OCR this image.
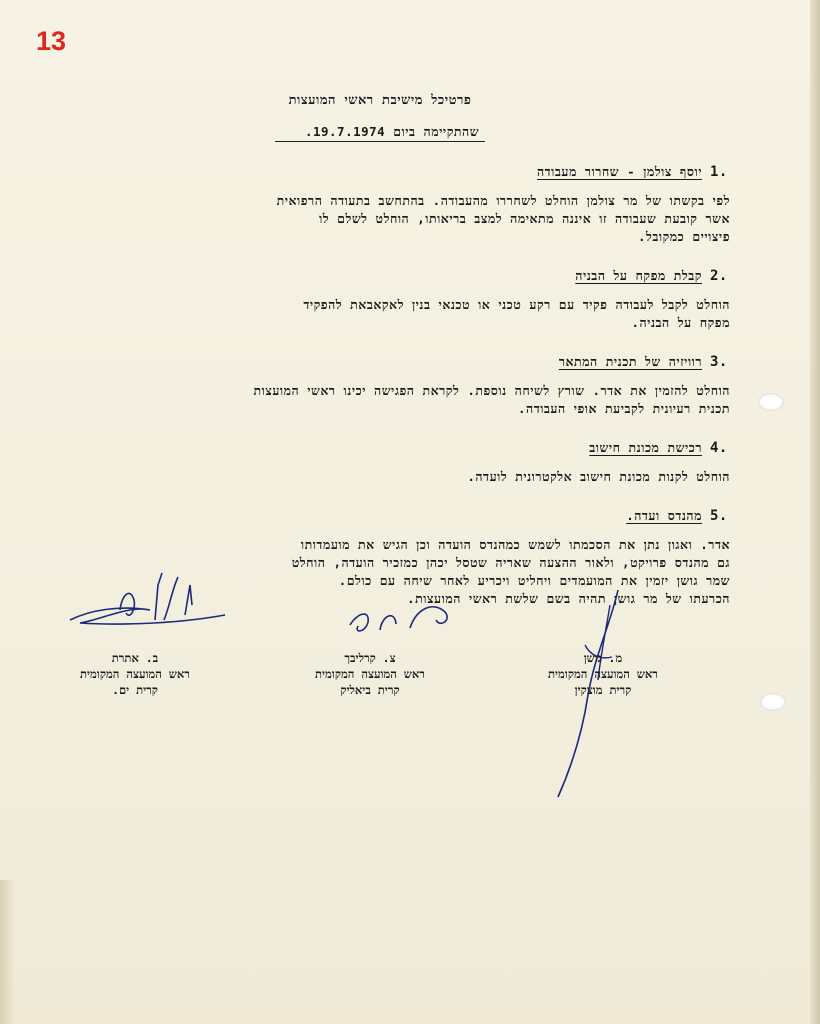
13
פרטיכל מישיבת ראשי המועצות
שהתקיימה ביום 19.7.1974.
1.
יוסף צולמן - שחרור מעבודה
לפי בקשתו של מר צולמן הוחלט לשחררו מהעבודה. בהתחשב בתעודה הרפואית
אשר קובעת שעבודה זו איננה מתאימה למצב בריאותו, הוחלט לשלם לו
פיצויים כמקובל.
2.
קבלת מפקח על הבניה
הוחלט לקבל לעבודה פקיד עם רקע טכני או טכנאי בנין לאקאבאת להפקיד
מפקח על הבניה.
3.
רוויזיה של תכנית המתאר
הוחלט להזמין את אדר. שורץ לשיחה נוספת. לקראת הפגישה יכינו ראשי המועצות
תכנית רעיונית לקביעת אופי העבודה.
4.
רכישת מכונת חישוב
הוחלט לקנות מכונת חישוב אלקטרונית לועדה.
5.
מהנדס ועדה.
אדר. ואגון נתן את הסכמתו לשמש כמהנדס הועדה וכן הגיש את מועמדותו
גם מהנדס פרויקט, ולאור ההצעה שאריה שטסל יכהן כמזכיר הועדה, הוחלט
שמר גושן יזמין את המועמדים ויחליט ויכריע לאחר שיחה עם כולם.
הכרעתו של מר גושן תהיה בשם שלשת ראשי המועצות.
מ. גושן
ראש המועצה המקומית
קרית מוצקין
צ. קרליבך
ראש המועצה המקומית
קרית ביאליק
ב. אתרת
ראש המועצה המקומית
קרית ים.
